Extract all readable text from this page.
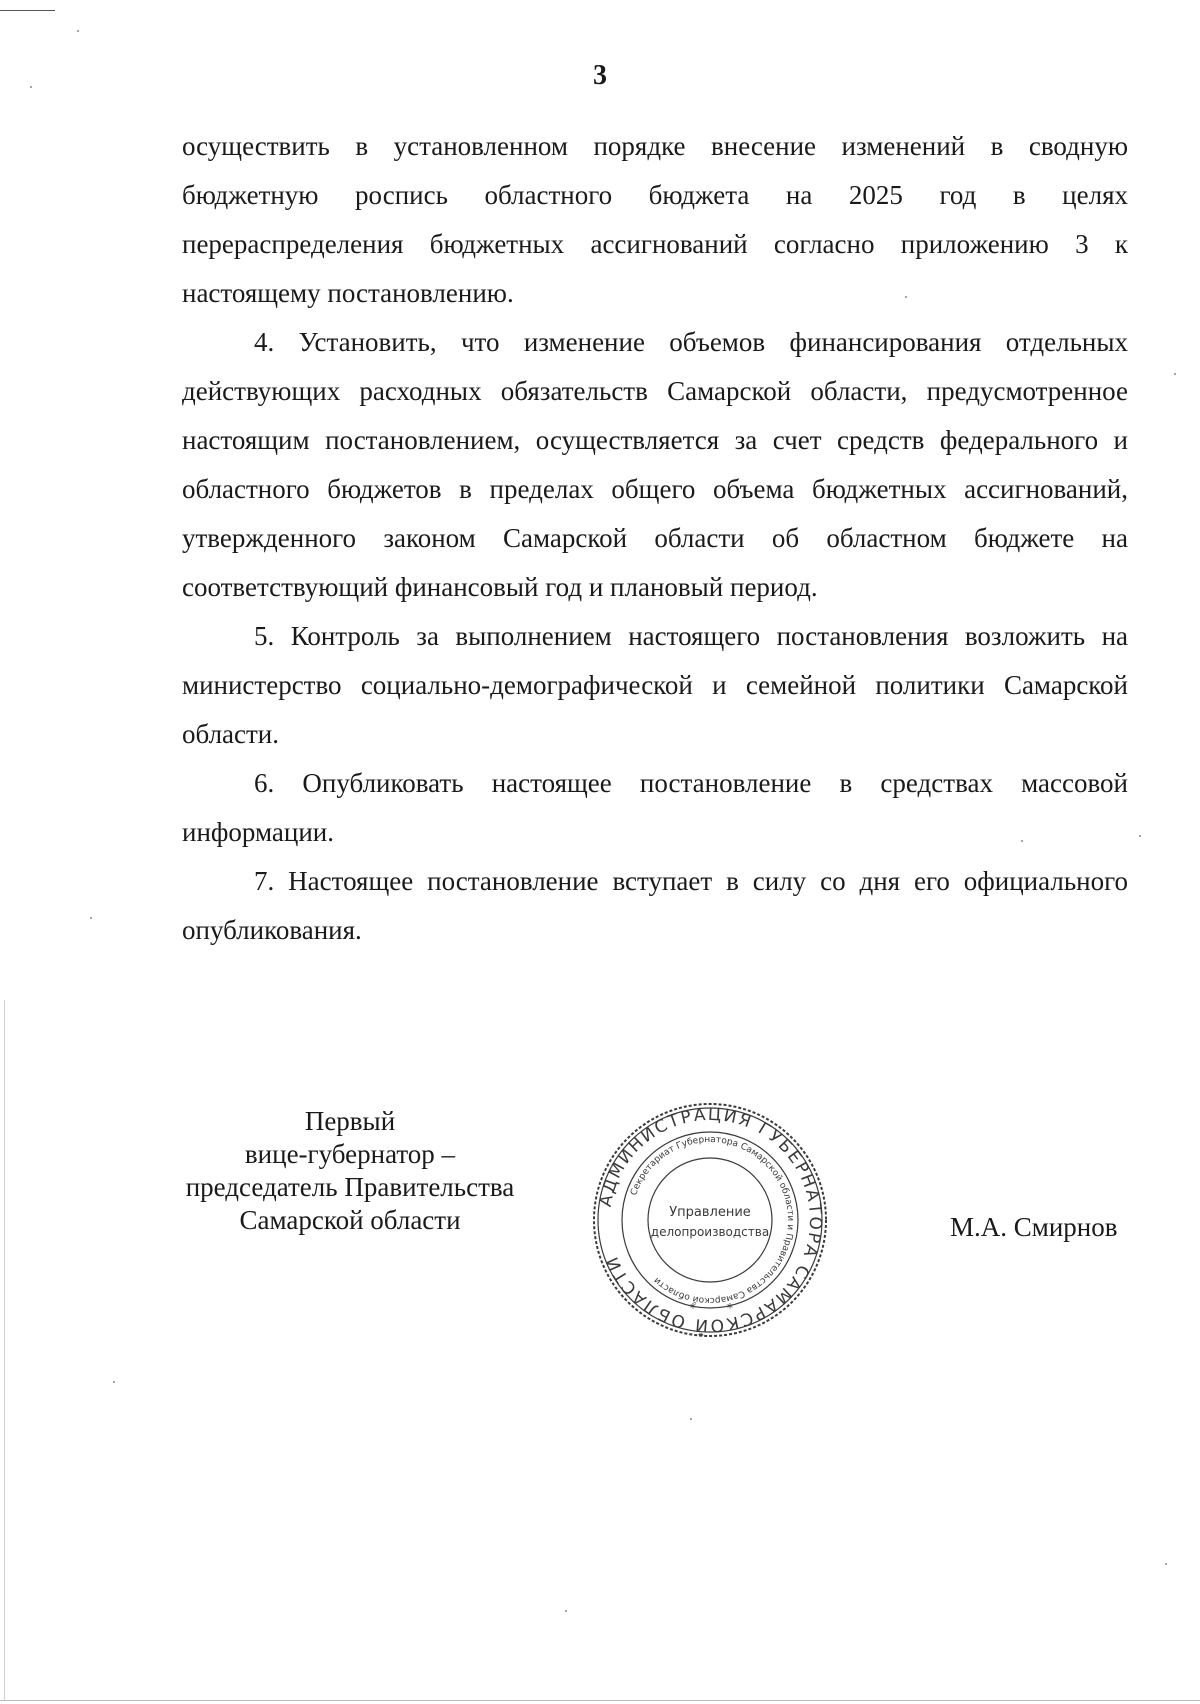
3
осуществить в установленном порядке внесение изменений в сводную
бюджетную роспись областного бюджета на 2025 год в целях
перераспределения бюджетных ассигнований согласно приложению 3 к
настоящему постановлению.
4. Установить, что изменение объемов финансирования отдельных
действующих расходных обязательств Самарской области, предусмотренное
настоящим постановлением, осуществляется за счет средств федерального и
областного бюджетов в пределах общего объема бюджетных ассигнований,
утвержденного законом Самарской области об областном бюджете на
соответствующий финансовый год и плановый период.
5. Контроль за выполнением настоящего постановления возложить на
министерство социально-демографической и семейной политики Самарской
области.
6. Опубликовать настоящее постановление в средствах массовой
информации.
7. Настоящее постановление вступает в силу со дня его официального
опубликования.
Первый
вице-губернатор –
председатель Правительства
Самарской области
АДМИНИСТРАЦИЯ ГУБЕРНАТОРА САМАРСКОЙ ОБЛАСТИ
Секретариат Губернатора Самарской области и Правительства Самарской области
Управление
делопроизводства
*	*
М.А. Смирнов
